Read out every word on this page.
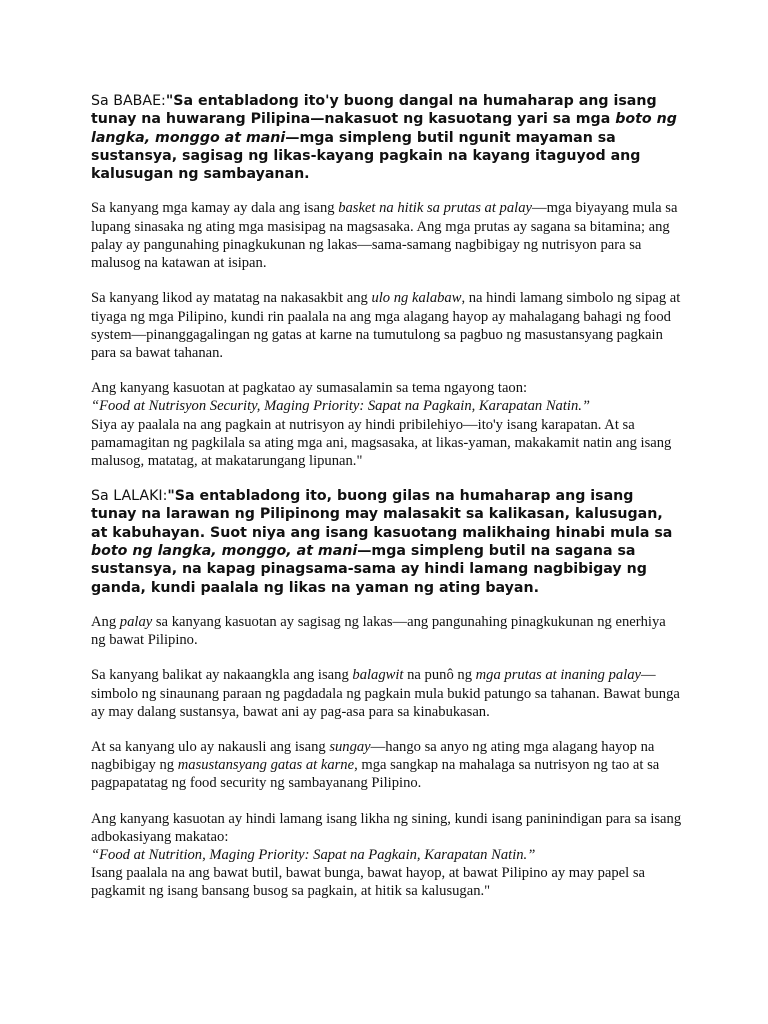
Sa BABAE:"Sa entabladong ito'y buong dangal na humaharap ang isang tunay na huwarang Pilipina—nakasuot ng kasuotang yari sa mga boto ng langka, monggo at mani—mga simpleng butil ngunit mayaman sa sustansya, sagisag ng likas-kayang pagkain na kayang itaguyod ang kalusugan ng sambayanan.

Sa kanyang mga kamay ay dala ang isang basket na hitik sa prutas at palay—mga biyayang mula sa lupang sinasaka ng ating mga masisipag na magsasaka. Ang mga prutas ay sagana sa bitamina; ang palay ay pangunahing pinagkukunan ng lakas—sama-samang nagbibigay ng nutrisyon para sa malusog na katawan at isipan.

Sa kanyang likod ay matatag na nakasakbit ang ulo ng kalabaw, na hindi lamang simbolo ng sipag at tiyaga ng mga Pilipino, kundi rin paalala na ang mga alagang hayop ay mahalagang bahagi ng food system—pinanggagalingan ng gatas at karne na tumutulong sa pagbuo ng masustansyang pagkain para sa bawat tahanan.

Ang kanyang kasuotan at pagkatao ay sumasalamin sa tema ngayong taon:
“Food at Nutrisyon Security, Maging Priority: Sapat na Pagkain, Karapatan Natin.”
Siya ay paalala na ang pagkain at nutrisyon ay hindi pribilehiyo—ito'y isang karapatan. At sa pamamagitan ng pagkilala sa ating mga ani, magsasaka, at likas-yaman, makakamit natin ang isang malusog, matatag, at makatarungang lipunan."

Sa LALAKI:"Sa entabladong ito, buong gilas na humaharap ang isang tunay na larawan ng Pilipinong may malasakit sa kalikasan, kalusugan, at kabuhayan. Suot niya ang isang kasuotang malikhaing hinabi mula sa boto ng langka, monggo, at mani—mga simpleng butil na sagana sa sustansya, na kapag pinagsama-sama ay hindi lamang nagbibigay ng ganda, kundi paalala ng likas na yaman ng ating bayan.

Ang palay sa kanyang kasuotan ay sagisag ng lakas—ang pangunahing pinagkukunan ng enerhiya ng bawat Pilipino.

Sa kanyang balikat ay nakaangkla ang isang balagwit na punô ng mga prutas at inaning palay—simbolo ng sinaunang paraan ng pagdadala ng pagkain mula bukid patungo sa tahanan. Bawat bunga ay may dalang sustansya, bawat ani ay pag-asa para sa kinabukasan.

At sa kanyang ulo ay nakausli ang isang sungay—hango sa anyo ng ating mga alagang hayop na nagbibigay ng masustansyang gatas at karne, mga sangkap na mahalaga sa nutrisyon ng tao at sa pagpapatatag ng food security ng sambayanang Pilipino.

Ang kanyang kasuotan ay hindi lamang isang likha ng sining, kundi isang paninindigan para sa isang adbokasiyang makatao:
“Food at Nutrition, Maging Priority: Sapat na Pagkain, Karapatan Natin.”
Isang paalala na ang bawat butil, bawat bunga, bawat hayop, at bawat Pilipino ay may papel sa pagkamit ng isang bansang busog sa pagkain, at hitik sa kalusugan."
